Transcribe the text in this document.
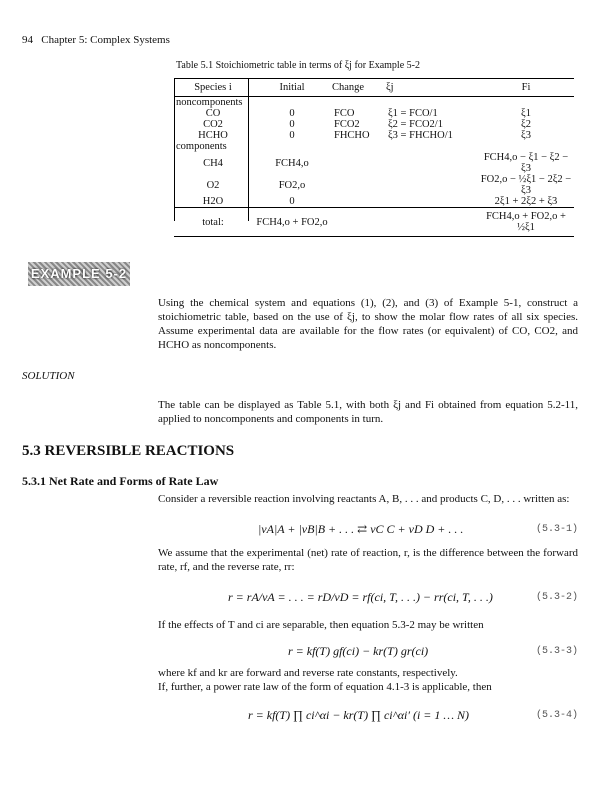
94 Chapter 5: Complex Systems
Table 5.1 Stoichiometric table in terms of ξj for Example 5-2
Species i	Initial	Change	ξj	Fi
noncomponents				
CO	0	FCO	ξ1 = FCO/1	ξ1
CO2	0	FCO2	ξ2 = FCO2/1	ξ2
HCHO	0	FHCHO	ξ3 = FHCHO/1	ξ3
components				
CH4	FCH4,o			FCH4,o − ξ1 − ξ2 − ξ3
O2	FO2,o			FO2,o − ½ξ1 − 2ξ2 − ξ3
H2O	0			2ξ1 + 2ξ2 + ξ3
total:	FCH4,o + FO2,o			FCH4,o + FO2,o + ½ξ1
EXAMPLE 5-2
Using the chemical system and equations (1), (2), and (3) of Example 5-1, construct a stoichiometric table, based on the use of ξj, to show the molar flow rates of all six species. Assume experimental data are available for the flow rates (or equivalent) of CO, CO2, and HCHO as noncomponents.
SOLUTION
The table can be displayed as Table 5.1, with both ξj and Fi obtained from equation 5.2-11, applied to noncomponents and components in turn.
5.3 REVERSIBLE REACTIONS
5.3.1 Net Rate and Forms of Rate Law
Consider a reversible reaction involving reactants A, B, . . . and products C, D, . . . written as:
|νA|A + |νB|B + . . . ⇄ νC C + νD D + . . .	(5.3-1)
We assume that the experimental (net) rate of reaction, r, is the difference between the forward rate, rf, and the reverse rate, rr:
r = rA/νA = . . . = rD/νD = rf(ci, T, . . .) − rr(ci, T, . . .)	(5.3-2)
If the effects of T and ci are separable, then equation 5.3-2 may be written
r = kf(T) gf(ci) − kr(T) gr(ci)	(5.3-3)
where kf and kr are forward and reverse rate constants, respectively.
If, further, a power rate law of the form of equation 4.1-3 is applicable, then
r = kf(T) ∏ ci^αi − kr(T) ∏ ci^αi′ (i = 1 … N)	(5.3-4)
